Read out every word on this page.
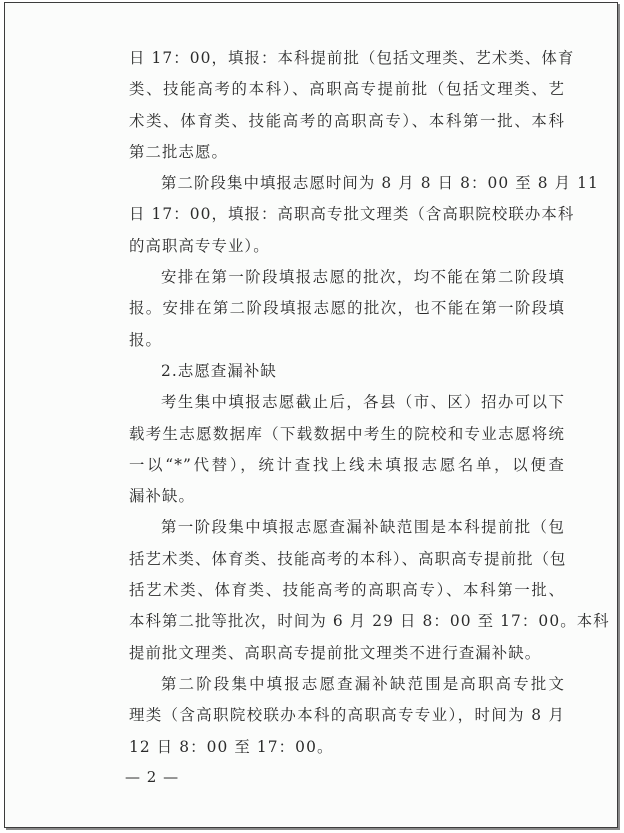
日 17：00，填报：本科提前批（包括文理类、艺术类、体育
类、技能高考的本科）、高职高专提前批（包括文理类、艺
术类、体育类、技能高考的高职高专）、本科第一批、本科
第二批志愿。
第二阶段集中填报志愿时间为 8 月 8 日 8：00 至 8 月 11
日 17：00，填报：高职高专批文理类（含高职院校联办本科
的高职高专专业）。
安排在第一阶段填报志愿的批次，均不能在第二阶段填
报。安排在第二阶段填报志愿的批次，也不能在第一阶段填
报。
2.志愿查漏补缺
考生集中填报志愿截止后，各县（市、区）招办可以下
载考生志愿数据库（下载数据中考生的院校和专业志愿将统
一以“*”代替），统计查找上线未填报志愿名单，以便查
漏补缺。
第一阶段集中填报志愿查漏补缺范围是本科提前批（包
括艺术类、体育类、技能高考的本科）、高职高专提前批（包
括艺术类、体育类、技能高考的高职高专）、本科第一批、
本科第二批等批次，时间为 6 月 29 日 8：00 至 17：00。本科
提前批文理类、高职高专提前批文理类不进行查漏补缺。
第二阶段集中填报志愿查漏补缺范围是高职高专批文
理类（含高职院校联办本科的高职高专专业），时间为 8 月
12 日 8：00 至 17：00。
— 2 —
